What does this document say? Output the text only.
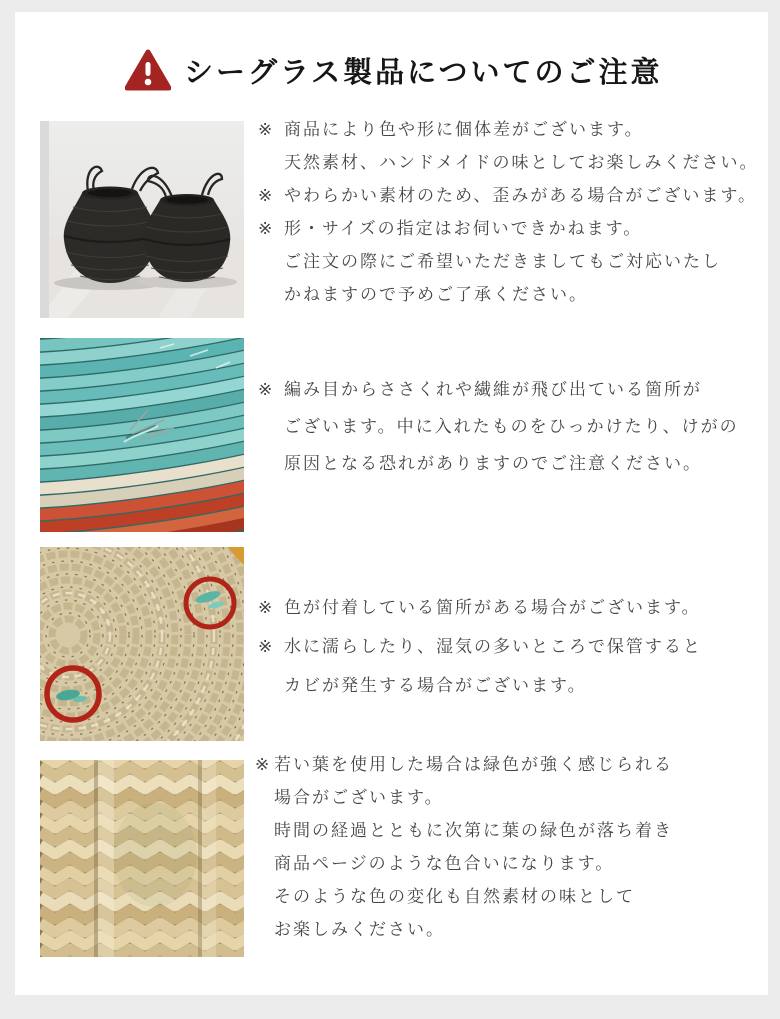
シーグラス製品についてのご注意
※ 商品により色や形に個体差がございます。
天然素材、ハンドメイドの味としてお楽しみください。
※ やわらかい素材のため、歪みがある場合がございます。
※ 形・サイズの指定はお伺いできかねます。
ご注文の際にご希望いただきましてもご対応いたし
かねますので予めご了承ください。
※ 編み目からささくれや繊維が飛び出ている箇所が
ございます。中に入れたものをひっかけたり、けがの
原因となる恐れがありますのでご注意ください。
※ 色が付着している箇所がある場合がございます。
※ 水に濡らしたり、湿気の多いところで保管すると
カビが発生する場合がございます。
※ 若い葉を使用した場合は緑色が強く感じられる
場合がございます。
時間の経過とともに次第に葉の緑色が落ち着き
商品ページのような色合いになります。
そのような色の変化も自然素材の味として
お楽しみください。
